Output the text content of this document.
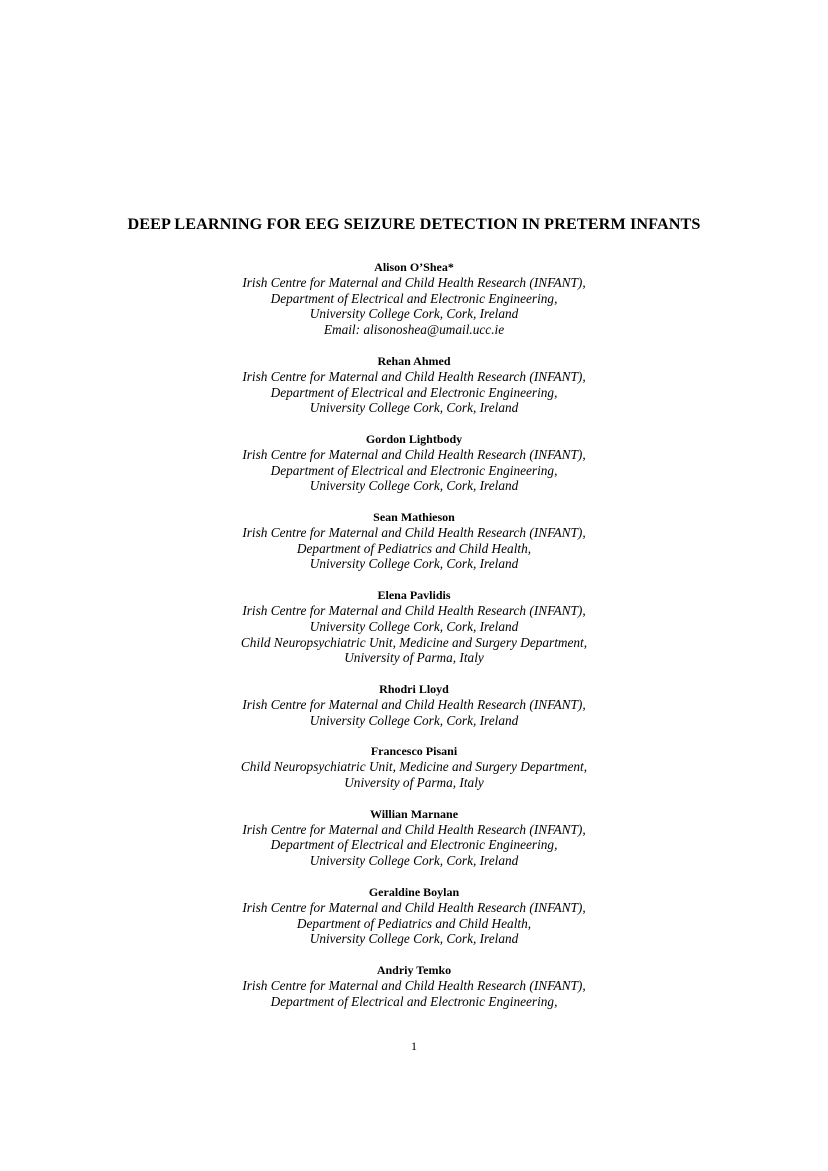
DEEP LEARNING FOR EEG SEIZURE DETECTION IN PRETERM INFANTS
Alison O’Shea*
Irish Centre for Maternal and Child Health Research (INFANT),
Department of Electrical and Electronic Engineering,
University College Cork, Cork, Ireland
Email: alisonoshea@umail.ucc.ie
Rehan Ahmed
Irish Centre for Maternal and Child Health Research (INFANT),
Department of Electrical and Electronic Engineering,
University College Cork, Cork, Ireland
Gordon Lightbody
Irish Centre for Maternal and Child Health Research (INFANT),
Department of Electrical and Electronic Engineering,
University College Cork, Cork, Ireland
Sean Mathieson
Irish Centre for Maternal and Child Health Research (INFANT),
Department of Pediatrics and Child Health,
University College Cork, Cork, Ireland
Elena Pavlidis
Irish Centre for Maternal and Child Health Research (INFANT),
University College Cork, Cork, Ireland
Child Neuropsychiatric Unit, Medicine and Surgery Department,
University of Parma, Italy
Rhodri Lloyd
Irish Centre for Maternal and Child Health Research (INFANT),
University College Cork, Cork, Ireland
Francesco Pisani
Child Neuropsychiatric Unit, Medicine and Surgery Department,
University of Parma, Italy
Willian Marnane
Irish Centre for Maternal and Child Health Research (INFANT),
Department of Electrical and Electronic Engineering,
University College Cork, Cork, Ireland
Geraldine Boylan
Irish Centre for Maternal and Child Health Research (INFANT),
Department of Pediatrics and Child Health,
University College Cork, Cork, Ireland
Andriy Temko
Irish Centre for Maternal and Child Health Research (INFANT),
Department of Electrical and Electronic Engineering,
1
